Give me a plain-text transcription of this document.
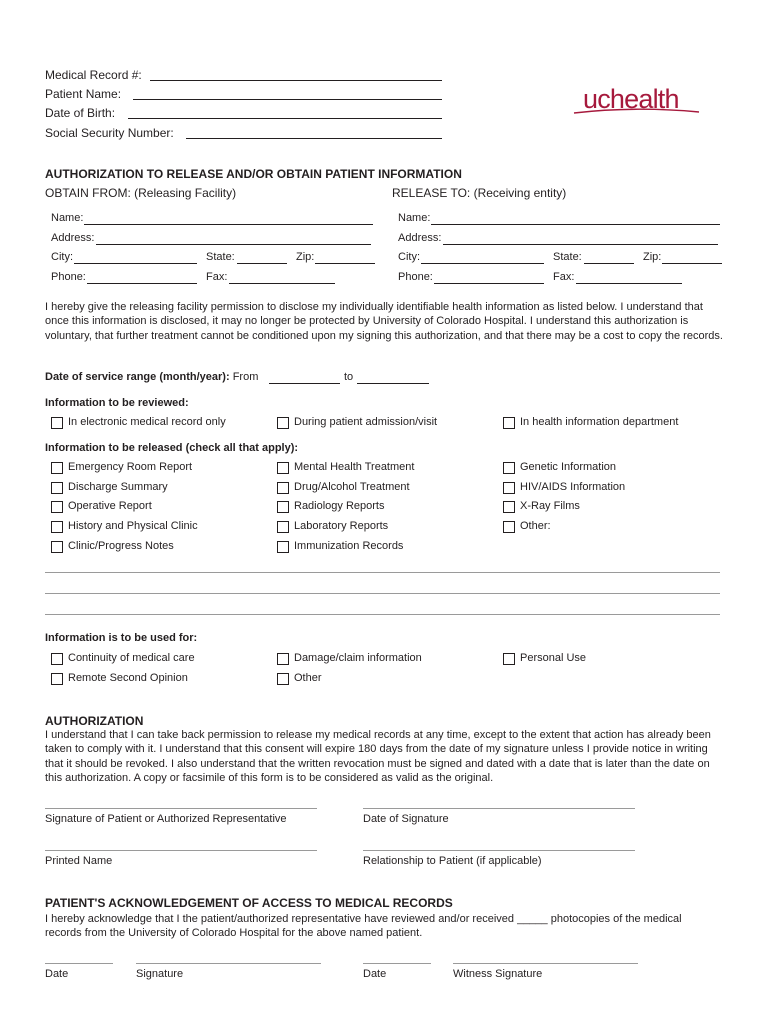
Medical Record #:
Patient Name:
Date of Birth:
Social Security Number:
uchealth
AUTHORIZATION TO RELEASE AND/OR OBTAIN PATIENT INFORMATION
OBTAIN FROM: (Releasing Facility)	RELEASE TO: (Receiving entity)
Name:
Address:
City:	State:	Zip:
Phone:	Fax:
Name:
Address:
City:	State:	Zip:
Phone:	Fax:
I hereby give the releasing facility permission to disclose my individually identifiable health information as listed below. I understand that once this information is disclosed, it may no longer be protected by University of Colorado Hospital. I understand this authorization is voluntary, that further treatment cannot be conditioned upon my signing this authorization, and that there may be a cost to copy the records.
Date of service range (month/year): From	to
Information to be reviewed:
In electronic medical record only	During patient admission/visit	In health information department
Information to be released (check all that apply):
Emergency Room Report
Discharge Summary
Operative Report
History and Physical Clinic
Clinic/Progress Notes
Mental Health Treatment
Drug/Alcohol Treatment
Radiology Reports
Laboratory Reports
Immunization Records
Genetic Information
HIV/AIDS Information
X-Ray Films
Other:
Information is to be used for:
Continuity of medical care
Remote Second Opinion
Damage/claim information
Other
Personal Use
AUTHORIZATION
I understand that I can take back permission to release my medical records at any time, except to the extent that action has already been taken to comply with it. I understand that this consent will expire 180 days from the date of my signature unless I provide notice in writing that it should be revoked. I also understand that the written revocation must be signed and dated with a date that is later than the date on this authorization. A copy or facsimile of this form is to be considered as valid as the original.
Signature of Patient or Authorized Representative	Date of Signature
Printed Name	Relationship to Patient (if applicable)
PATIENT'S ACKNOWLEDGEMENT OF ACCESS TO MEDICAL RECORDS
I hereby acknowledge that I the patient/authorized representative have reviewed and/or received _____ photocopies of the medical records from the University of Colorado Hospital for the above named patient.
Date	Signature	Date	Witness Signature
